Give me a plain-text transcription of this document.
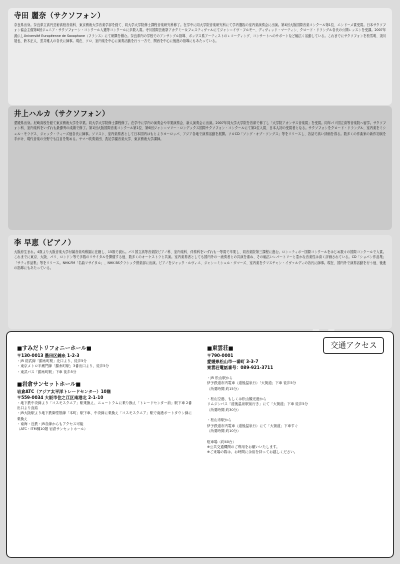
寺田 麗奈（サクソフォン）

奈良県出身。奈良県立高円芸術高校音楽科、東京藝術大学音楽学部を経て、同大学大学院修士課程音楽研究科修了。在学中に同大学院音楽研究科にて学内選抜の室内楽演奏会に出演。第4回大阪国際音楽コンクール第1位、エンドーメ賞受賞。日本サクソフォン協会主催第8回ジュニア・サクソフォーン・コンクール入選等コンクールに多数入賞。寺川国際芸術祭アカデミー＆フェスティヴァルにてジャン＝イヴ・フルモー、ディヴィッド・マーティン、クロード・ドラングル各氏の公開レッスンを受講。2007年渡仏しUniversité Européenne de Saxophone（フランス）にて研鑽を積む。奈良県内の学校でのアンサンブル指導、ポップス系アーティストのレコーディング、コンサートへのサポートなど幅広く活動している。これまでにサクソフォンを松雪明、須川展也、鈴木正人、雲井雅人の各氏に師事。現在、ソロ、室内楽を中心に演奏活動を行う一方で、関西を中心に後進の指導にもあたっている。

井上ハルカ（サクソフォン）

愛媛県出身。尼崎高校を経て東京藝術大学を卒業。同大学大学院修士課程修了。在学中に学内の演奏会や卒業演奏会、新人演奏会に出演。2007年同大学大学院を首席で修了し「大学院アカンサス音楽賞」を受賞。同年パリ国立高等音楽院へ留学。サクソフォン科、室内楽科をいずれも最優秀の成績で修了。第1回大阪国際音楽コンクール第1位、第6回ジャン＝マリー・ロンデックス国際サクソフォン・コンクールにて第2位入賞、日本人初の受賞者となる。サクソフォンをクロード・ドラングル、室内楽をミシェル・モラゲス、ジャック・ティーズ他各氏に師事。ソリスト、室内楽奏者として日本国内はもとよりヨーロッパ、アジア各地で演奏活動を展開。ソロCD「ソング・オブ・ソングス」等をリリースし、各誌で高い評価を得る。数多くの作曲家の新作初演を手がけ、現代音楽の分野でも注目を集める。ヤマハ吹奏楽団、洗足学園音楽大学、東京藝術大学講師。

李 早恵（ピアノ）

大阪府生まれ。4歳より大阪音楽大学付属音楽幼稚園に在籍し、15歳で渡仏。パリ国立高等音楽院ピアノ科、室内楽科、伴奏科をいずれも一等賞で卒業し、同音楽院第三課程に進む。ロン＝ティボー国際コンクールをはじめ数々の国際コンクールで入賞。これまでに東京、大阪、パリ、ロンドン等で多数のリサイタルを開催する他、数多くのオーケストラと共演。室内楽奏者としても国内外の一流奏者との共演を重ね、その幅広いレパートリーと豊かな音楽性は高く評価されている。CD「ショパン作品集」「サティ作品集」等をリリース。NHK-FM「名曲リサイタル」、NHK BSクラシック倶楽部に出演。ピアノをジャック・ルヴィエ、ジャン＝ミシェル・ダマーズ、室内楽をクリスチャン・イヴァルディの各氏に師事。現在、国内外で演奏活動を行う他、後進の指導にもあたっている。

交通アクセス

■すみだトリフォニーホール■

〒130-0013 墨田区錦糸 1-2-3

・JR 総武線「錦糸町駅」北口より、徒歩5分

・東京メトロ半蔵門線「錦糸町駅」3番出口より、徒歩5分

・東武バス「錦糸町駅」下車 徒歩5分

■岩倉サンセットホール■

岩倉ATC（アジア太平洋トレードセンター）10階

〒559-0034 大阪市住之江区南港北 2-1-10

・地下鉄中央線より「コスモスクエア」駅乗換え、ニュートラムに乗り換え「トレードセンター前」駅下車 2番出口より直結

・JR大阪駅より地下鉄御堂筋線「本町」駅下車、中央線に乗換え「コスモスクエア」駅で南港ポートタウン線に乗換え

・南海・近鉄・JR各線からもアクセス可能

（ATC・ITM棟10階 岩倉サンセットホール）

■東雲荘■

〒790-0001

愛媛県松山市一番町 3-3-7

東雲荘電話番号：089-921-3711

・JR 松山駅から

伊予鉄道市内電車（道後温泉行）「大街道」下車 徒歩5分

（所要時間 約15分）

・松山空港、もしくは松山観光港から

リムジンバス「道後温泉駅前行き」にて「大街道」下車 徒歩5分

（所要時間 約30分）

・松山市駅から

伊予鉄道市内電車（道後温泉行）にて「大街道」下車すぐ

（所要時間 約10分）

駐車場（約40台）

※公共交通機関のご利用をお願いいたします。

※ご来場の際は、お時間に余裕を持ってお越しください。
